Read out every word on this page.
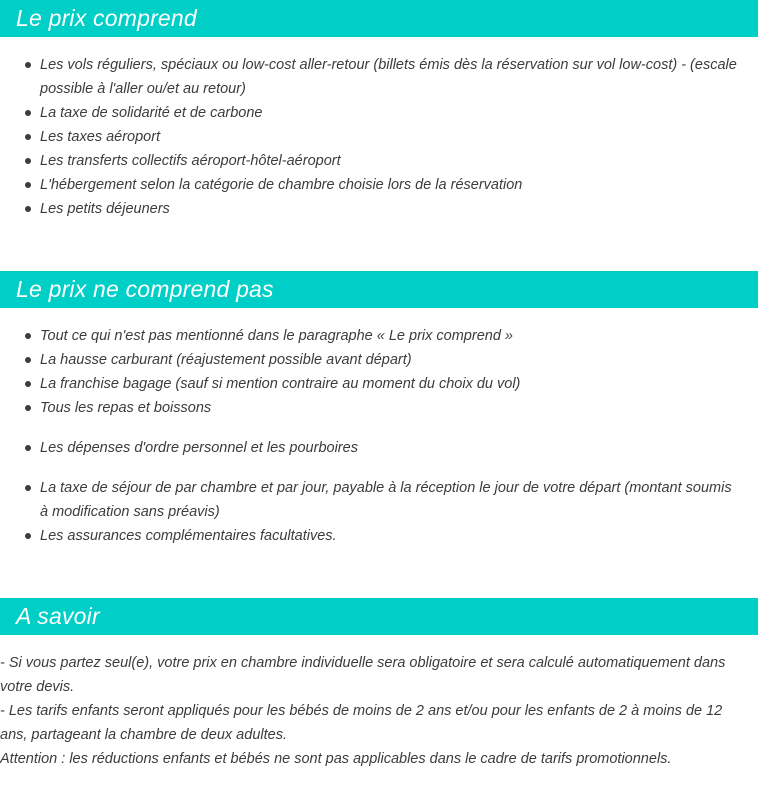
Le prix comprend
Les vols réguliers, spéciaux ou low-cost aller-retour (billets émis dès la réservation sur vol low-cost) - (escale possible à l'aller ou/et au retour)
La taxe de solidarité et de carbone
Les taxes aéroport
Les transferts collectifs aéroport-hôtel-aéroport
L'hébergement selon la catégorie de chambre choisie lors de la réservation
Les petits déjeuners
Le prix ne comprend pas
Tout ce qui n'est pas mentionné dans le paragraphe « Le prix comprend »
La hausse carburant (réajustement possible avant départ)
La franchise bagage (sauf si mention contraire au moment du choix du vol)
Tous les repas et boissons
Les dépenses d'ordre personnel et les pourboires
La taxe de séjour de par chambre et par jour, payable à la réception le jour de votre départ (montant soumis à modification sans préavis)
Les assurances complémentaires facultatives.
A savoir

- Si vous partez seul(e), votre prix en chambre individuelle sera obligatoire et sera calculé automatiquement dans votre devis.

- Les tarifs enfants seront appliqués pour les bébés de moins de 2 ans et/ou pour les enfants de 2 à moins de 12 ans, partageant la chambre de deux adultes.

Attention : les réductions enfants et bébés ne sont pas applicables dans le cadre de tarifs promotionnels.
